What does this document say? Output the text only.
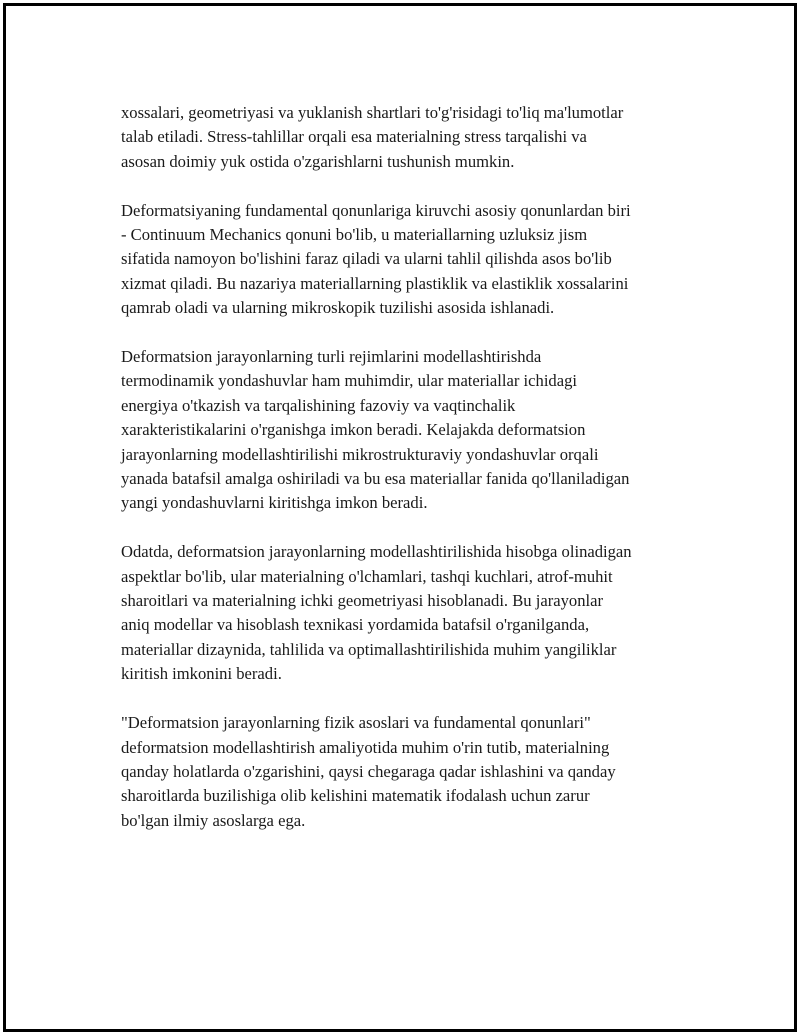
xossalari, geometriyasi va yuklanish shartlari to'g'risidagi to'liq ma'lumotlar
talab etiladi. Stress-tahlillar orqali esa materialning stress tarqalishi va
asosan doimiy yuk ostida o'zgarishlarni tushunish mumkin.

Deformatsiyaning fundamental qonunlariga kiruvchi asosiy qonunlardan biri
- Continuum Mechanics qonuni bo'lib, u materiallarning uzluksiz jism
sifatida namoyon bo'lishini faraz qiladi va ularni tahlil qilishda asos bo'lib
xizmat qiladi. Bu nazariya materiallarning plastiklik va elastiklik xossalarini
qamrab oladi va ularning mikroskopik tuzilishi asosida ishlanadi.

Deformatsion jarayonlarning turli rejimlarini modellashtirishda
termodinamik yondashuvlar ham muhimdir, ular materiallar ichidagi
energiya o'tkazish va tarqalishining fazoviy va vaqtinchalik
xarakteristikalarini o'rganishga imkon beradi. Kelajakda deformatsion
jarayonlarning modellashtirilishi mikrostrukturaviy yondashuvlar orqali
yanada batafsil amalga oshiriladi va bu esa materiallar fanida qo'llaniladigan
yangi yondashuvlarni kiritishga imkon beradi.

Odatda, deformatsion jarayonlarning modellashtirilishida hisobga olinadigan
aspektlar bo'lib, ular materialning o'lchamlari, tashqi kuchlari, atrof-muhit
sharoitlari va materialning ichki geometriyasi hisoblanadi. Bu jarayonlar
aniq modellar va hisoblash texnikasi yordamida batafsil o'rganilganda,
materiallar dizaynida, tahlilida va optimallashtirilishida muhim yangiliklar
kiritish imkonini beradi.

"Deformatsion jarayonlarning fizik asoslari va fundamental qonunlari"
deformatsion modellashtirish amaliyotida muhim o'rin tutib, materialning
qanday holatlarda o'zgarishini, qaysi chegaraga qadar ishlashini va qanday
sharoitlarda buzilishiga olib kelishini matematik ifodalash uchun zarur
bo'lgan ilmiy asoslarga ega.
